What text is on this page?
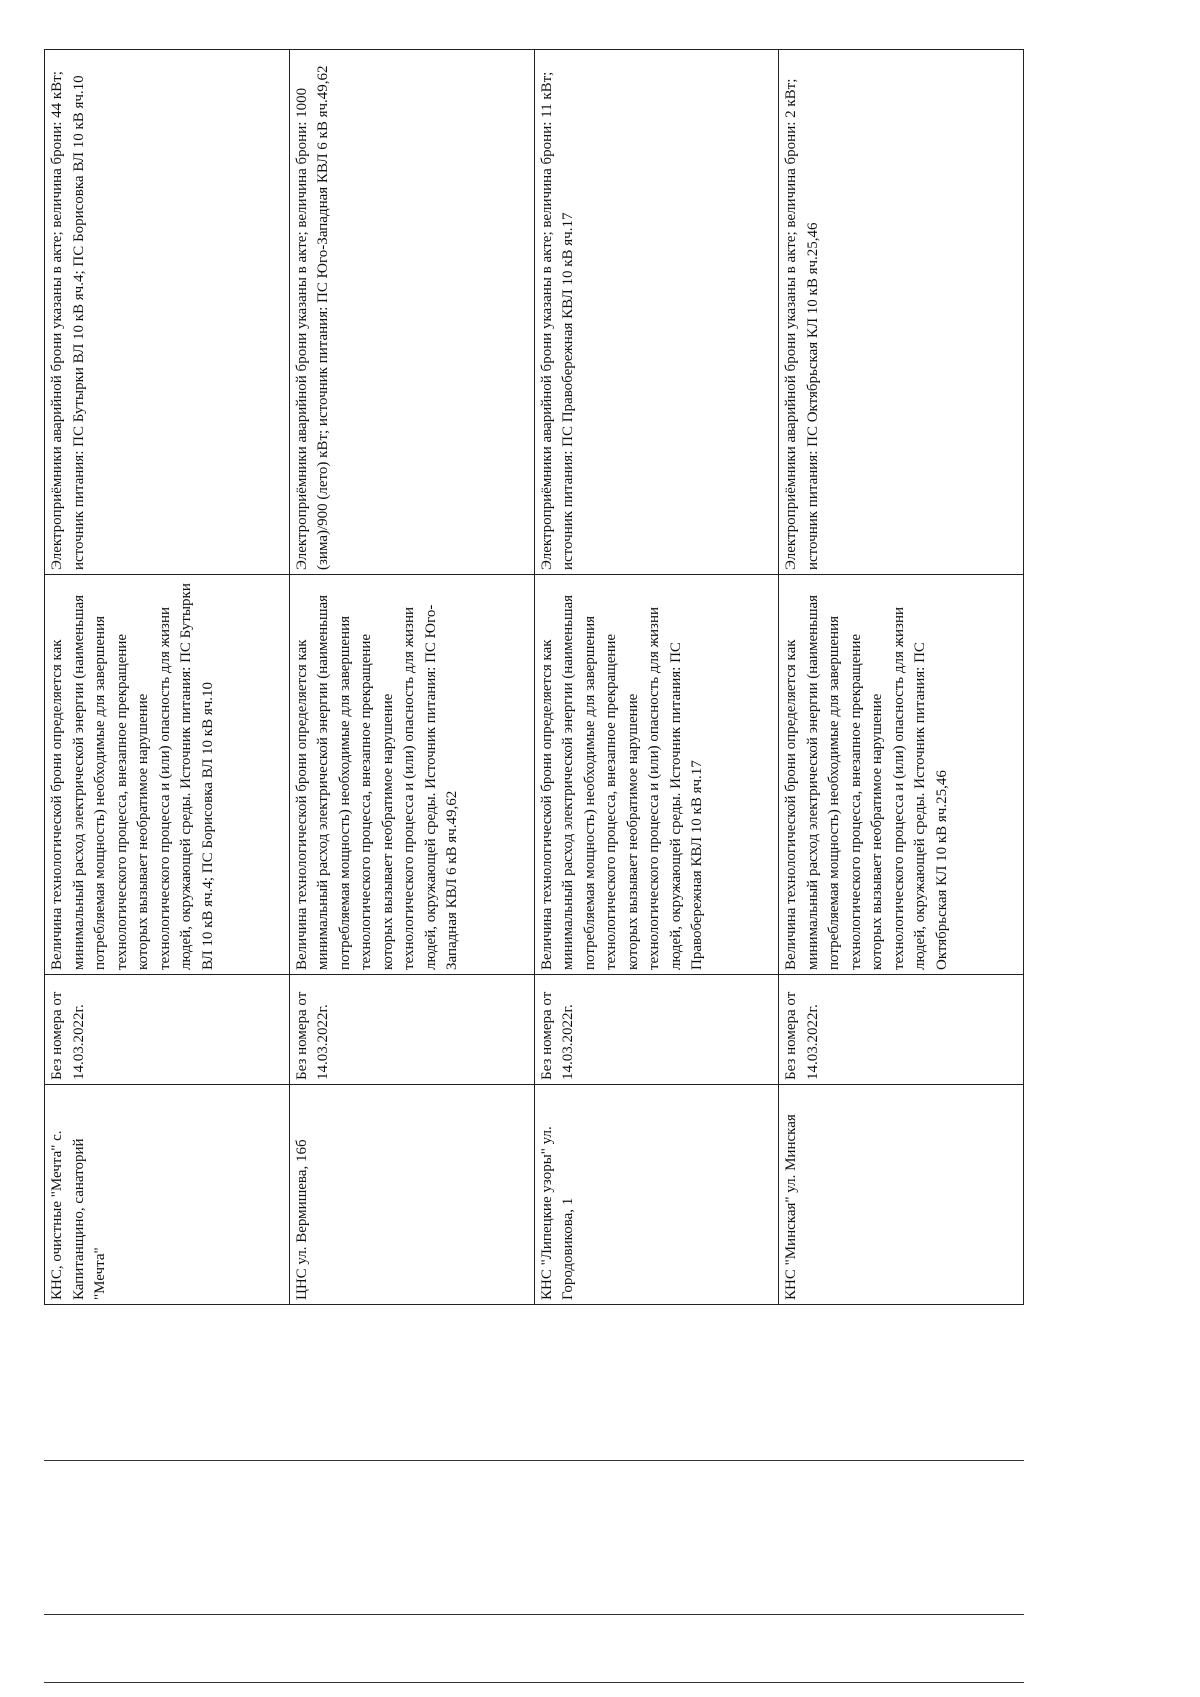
КНС, очистные "Мечта" с. Капитанщино, санаторий "Мечта"	Без номера от 14.03.2022г.	Величина технологической брони определяется как минимальный расход электрической энергии (наименьшая потребляемая мощность) необходимые для завершения технологического процесса, внезапное прекращение которых вызывает необратимое нарушение технологического процесса и (или) опасность для жизни людей, окружающей среды. Источник питания: ПС Бутырки ВЛ 10 кВ яч.4; ПС Борисовка ВЛ 10 кВ яч.10	Электроприёмники аварийной брони указаны в акте; величина брони: 44 кВт; источник питания: ПС Бутырки ВЛ 10 кВ яч.4; ПС Борисовка ВЛ 10 кВ яч.10
ЦНС ул. Вермишева, 16б	Без номера от 14.03.2022г.	Величина технологической брони определяется как минимальный расход электрической энергии (наименьшая потребляемая мощность) необходимые для завершения технологического процесса, внезапное прекращение которых вызывает необратимое нарушение технологического процесса и (или) опасность для жизни людей, окружающей среды. Источник питания: ПС Юго-Западная КВЛ 6 кВ яч.49,62	Электроприёмники аварийной брони указаны в акте; величина брони: 1000 (зима)/900 (лето) кВт; источник питания: ПС Юго-Западная КВЛ 6 кВ яч.49,62
КНС "Липецкие узоры" ул. Городовикова, 1	Без номера от 14.03.2022г.	Величина технологической брони определяется как минимальный расход электрической энергии (наименьшая потребляемая мощность) необходимые для завершения технологического процесса, внезапное прекращение которых вызывает необратимое нарушение технологического процесса и (или) опасность для жизни людей, окружающей среды. Источник питания: ПС Правобережная КВЛ 10 кВ яч.17	Электроприёмники аварийной брони указаны в акте; величина брони: 11 кВт; источник питания: ПС Правобережная КВЛ 10 кВ яч.17
КНС "Минская" ул. Минская	Без номера от 14.03.2022г.	Величина технологической брони определяется как минимальный расход электрической энергии (наименьшая потребляемая мощность) необходимые для завершения технологического процесса, внезапное прекращение которых вызывает необратимое нарушение технологического процесса и (или) опасность для жизни людей, окружающей среды. Источник питания: ПС Октябрьская КЛ 10 кВ яч.25,46	Электроприёмники аварийной брони указаны в акте; величина брони: 2 кВт; источник питания: ПС Октябрьская КЛ 10 кВ яч.25,46
